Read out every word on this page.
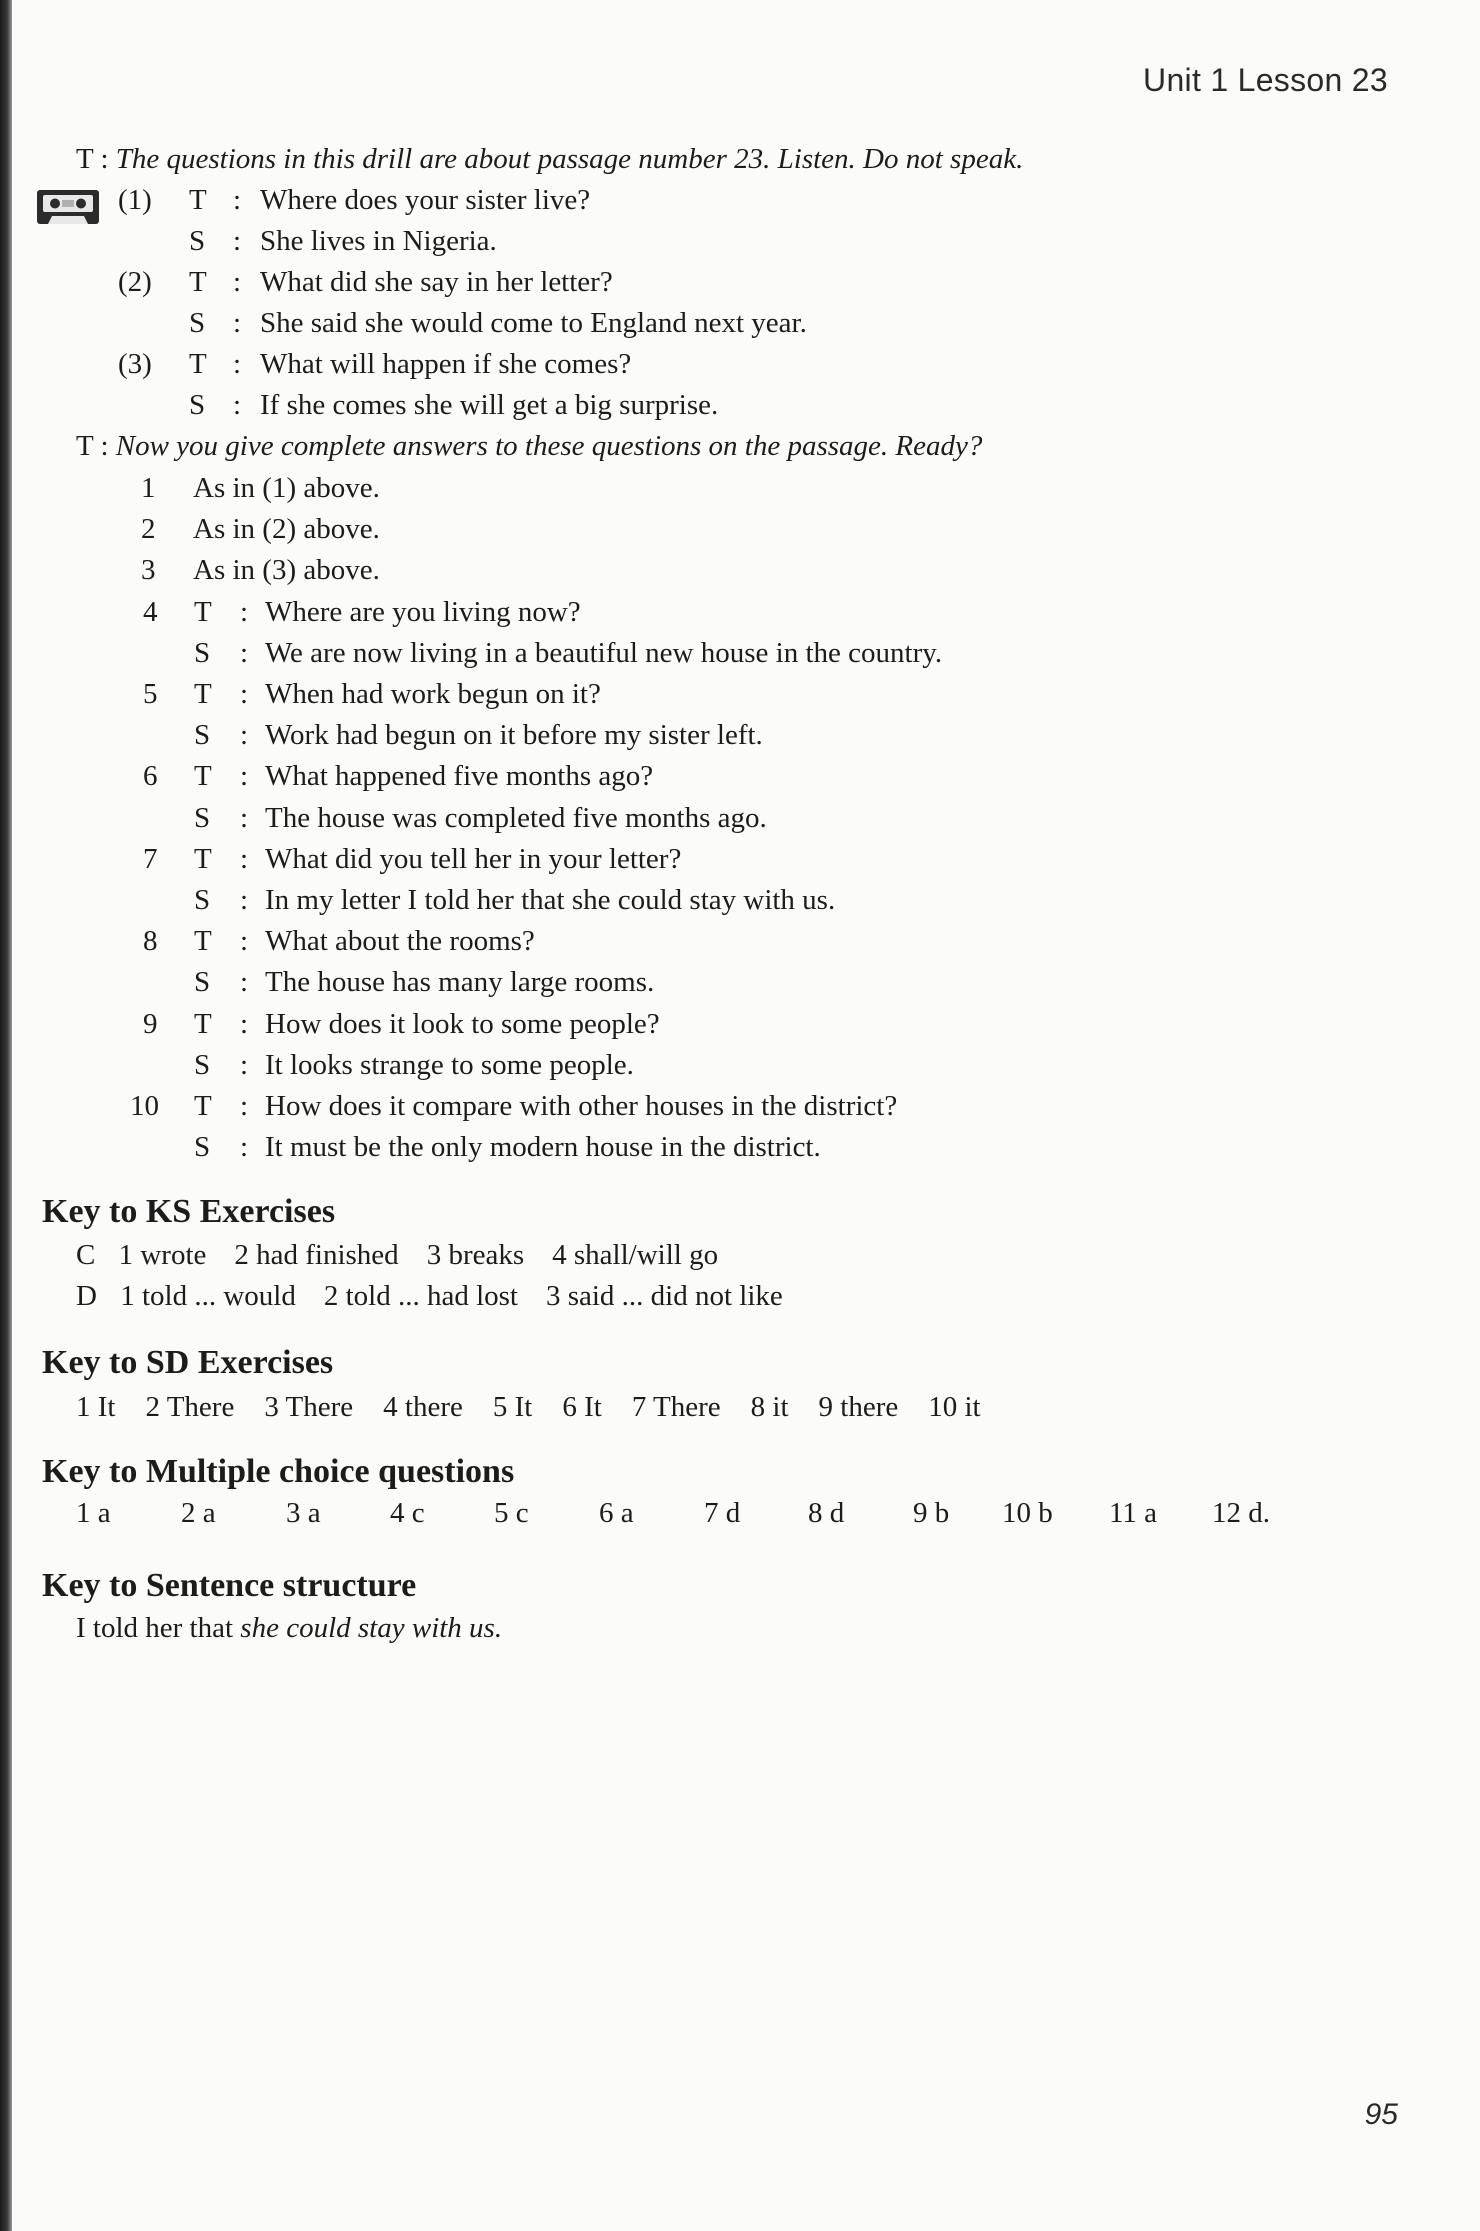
Unit 1 Lesson 23
T : The questions in this drill are about passage number 23. Listen. Do not speak.
(1) T : Where does your sister live?
S : She lives in Nigeria.
(2) T : What did she say in her letter?
S : She said she would come to England next year.
(3) T : What will happen if she comes?
S : If she comes she will get a big surprise.
T : Now you give complete answers to these questions on the passage. Ready?
1 As in (1) above.
2 As in (2) above.
3 As in (3) above.
4 T : Where are you living now?
S : We are now living in a beautiful new house in the country.
5 T : When had work begun on it?
S : Work had begun on it before my sister left.
6 T : What happened five months ago?
S : The house was completed five months ago.
7 T : What did you tell her in your letter?
S : In my letter I told her that she could stay with us.
8 T : What about the rooms?
S : The house has many large rooms.
9 T : How does it look to some people?
S : It looks strange to some people.
10 T : How does it compare with other houses in the district?
S : It must be the only modern house in the district.
Key to KS Exercises
C 1 wrote 2 had finished 3 breaks 4 shall/will go
D 1 told ... would 2 told ... had lost 3 said ... did not like
Key to SD Exercises
1 It 2 There 3 There 4 there 5 It 6 It 7 There 8 it 9 there 10 it
Key to Multiple choice questions
1 a 2 a 3 a 4 c 5 c 6 a 7 d 8 d 9 b 10 b 11 a 12 d.
Key to Sentence structure
I told her that she could stay with us.
95
